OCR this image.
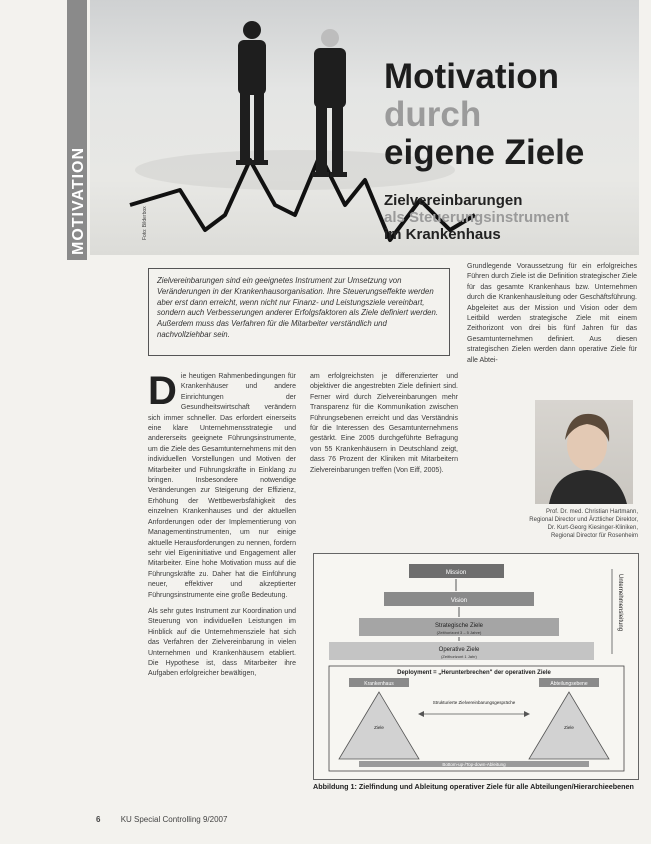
MOTIVATION	Foto: Bilderbox
Motivation
durch
eigene Ziele
Zielvereinbarungen
als Steuerungsinstrument
im Krankenhaus
Zielvereinbarungen sind ein geeignetes Instrument zur Umsetzung von Veränderungen in der Krankenhausorganisation. Ihre Steuerungseffekte werden aber erst dann erreicht, wenn nicht nur Finanz- und Leistungsziele vereinbart, sondern auch Verbesserungen anderer Erfolgsfaktoren als Ziele definiert werden. Außerdem muss das Verfahren für die Mitarbeiter verständlich und nachvollziehbar sein.
D ie heutigen Rahmenbedingungen für Krankenhäuser und andere Einrichtungen der Gesundheitswirtschaft verändern sich immer schneller. Das erfordert einerseits eine klare Unternehmensstrategie und andererseits geeignete Führungsinstrumente, um die Ziele des Gesamtunternehmens mit den individuellen Vorstellungen und Motiven der Mitarbeiter und Führungskräfte in Einklang zu bringen. Insbesondere notwendige Veränderungen zur Steigerung der Effizienz, Erhöhung der Wettbewerbsfähigkeit des einzelnen Krankenhauses und der aktuellen Anforderungen oder der Implementierung von Managementinstrumenten, um nur einige aktuelle Herausforderungen zu nennen, fordern sehr viel Eigeninitiative und Engagement aller Mitarbeiter. Eine hohe Motivation muss auf die Führungskräfte zu. Daher hat die Einführung neuer, effektiver und akzeptierter Führungsinstrumente eine große Bedeutung.
Als sehr gutes Instrument zur Koordination und Steuerung von individuellen Leistungen im Hinblick auf die Unternehmensziele hat sich das Verfahren der Zielvereinbarung in vielen Unternehmen und Krankenhäusern etabliert. Die Hypothese ist, dass Mitarbeiter ihre Aufgaben erfolgreicher bewältigen,
am erfolgreichsten je differenzierter und objektiver die angestrebten Ziele definiert sind. Ferner wird durch Zielvereinbarungen mehr Transparenz für die Kommunikation zwischen Führungsebenen erreicht und das Verständnis für die Interessen des Gesamtunternehmens gestärkt. Eine 2005 durchgeführte Befragung von 55 Krankenhäusern in Deutschland zeigt, dass 76 Prozent der Kliniken mit Mitarbeitern Zielvereinbarungen treffen (Von Eiff, 2005).
Grundlegende Voraussetzung für ein erfolgreiches Führen durch Ziele ist die Definition strategischer Ziele für das gesamte Krankenhaus bzw. Unternehmen durch die Krankenhausleitung oder Geschäftsführung. Abgeleitet aus der Mission und Vision oder dem Leitbild werden strategische Ziele mit einem Zeithorizont von drei bis fünf Jahren für das Gesamtunternehmen definiert. Aus diesen strategischen Zielen werden dann operative Ziele für alle Abtei-
Prof. Dr. med. Christian Hartmann,
Regional Director und Ärztlicher Direktor,
Dr. Kurt-Georg Kiesinger-Kliniken,
Regional Director für Rosenheim
Mission
Vision
Strategische Ziele
(Zeithorizont 3 – 5 Jahre)
Operative Ziele
(Zeithorizont 1 Jahr)
Unternehmensleitung
Deployment = „Herunterbrechen" der operativen Ziele
Krankenhaus
Ziele
Abteilungsebene
Ziele
Strukturierte Zielvereinbarungsgespräche
Bottom-up-/Top-down-Ableitung
Abbildung 1: Zielfindung und Ableitung operativer Ziele für alle Abteilungen/Hierarchieebenen
6	KU Special Controlling 9/2007
